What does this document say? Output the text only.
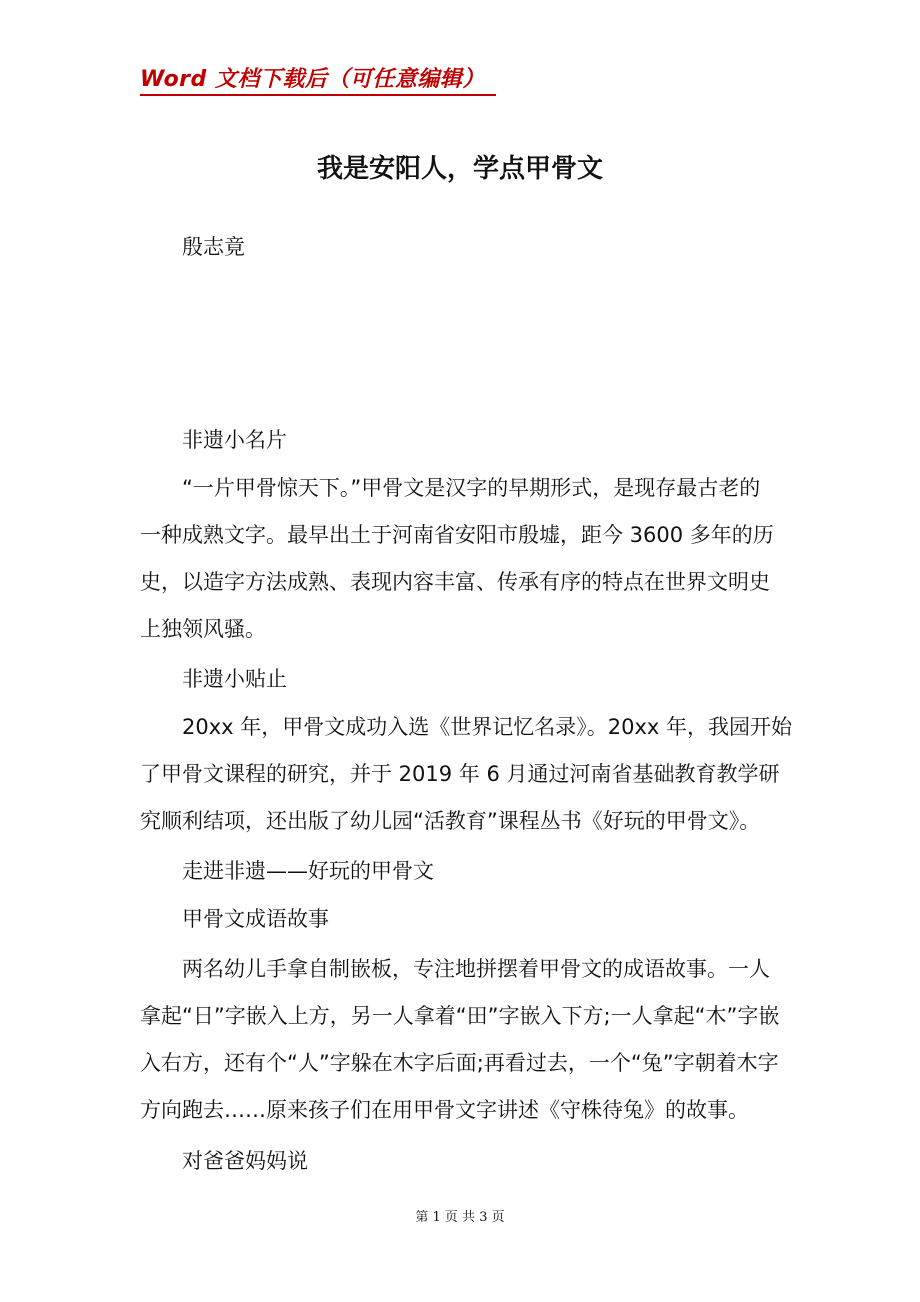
Word 文档下载后（可任意编辑）
我是安阳人，学点甲骨文
殷志竟
非遗小名片
“一片甲骨惊天下。”甲骨文是汉字的早期形式，是现存最古老的
一种成熟文字。最早出土于河南省安阳市殷墟，距今 3600 多年的历
史，以造字方法成熟、表现内容丰富、传承有序的特点在世界文明史
上独领风骚。
非遗小贴止
20xx 年，甲骨文成功入选《世界记忆名录》。20xx 年，我园开始
了甲骨文课程的研究，并于 2019 年 6 月通过河南省基础教育教学研
究顺利结项，还出版了幼儿园“活教育”课程丛书《好玩的甲骨文》。
走进非遗——好玩的甲骨文
甲骨文成语故事
两名幼儿手拿自制嵌板，专注地拼摆着甲骨文的成语故事。一人
拿起“日”字嵌入上方，另一人拿着“田”字嵌入下方;一人拿起“木”字嵌
入右方，还有个“人”字躲在木字后面;再看过去，一个“兔”字朝着木字
方向跑去……原来孩子们在用甲骨文字讲述《守株待兔》的故事。
对爸爸妈妈说
第 1 页 共 3 页
